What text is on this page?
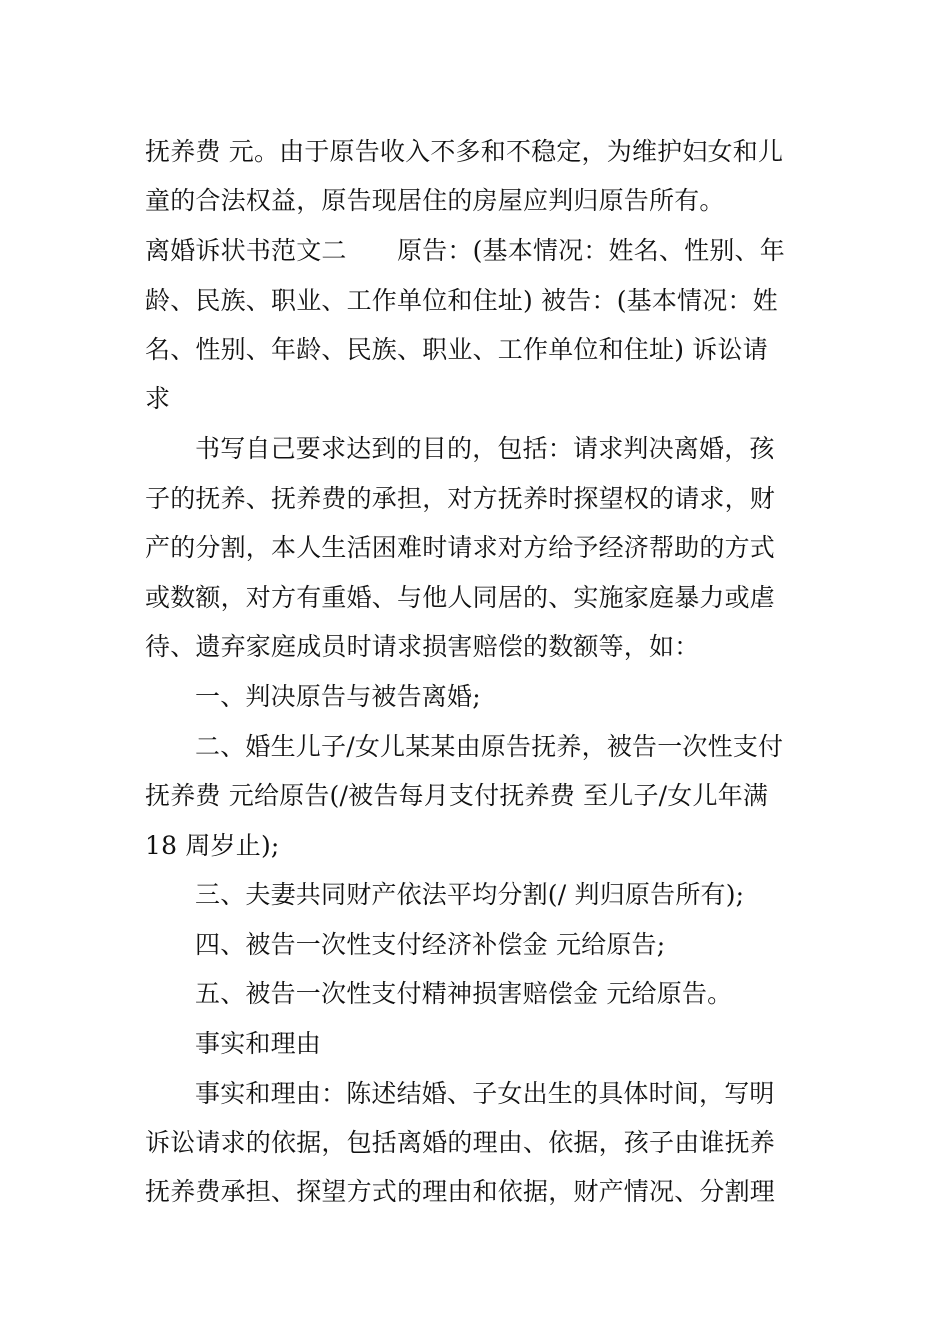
抚养费 元。由于原告收入不多和不稳定，为维护妇女和儿
童的合法权益，原告现居住的房屋应判归原告所有。
离婚诉状书范文二　　原告：(基本情况：姓名、性别、年
龄、民族、职业、工作单位和住址) 被告：(基本情况：姓
名、性别、年龄、民族、职业、工作单位和住址) 诉讼请
求
书写自己要求达到的目的，包括：请求判决离婚，孩
子的抚养、抚养费的承担，对方抚养时探望权的请求，财
产的分割，本人生活困难时请求对方给予经济帮助的方式
或数额，对方有重婚、与他人同居的、实施家庭暴力或虐
待、遗弃家庭成员时请求损害赔偿的数额等，如：
一、判决原告与被告离婚;
二、婚生儿子/女儿某某由原告抚养，被告一次性支付
抚养费 元给原告(/被告每月支付抚养费 至儿子/女儿年满
18 周岁止);
三、夫妻共同财产依法平均分割(/ 判归原告所有);
四、被告一次性支付经济补偿金 元给原告;
五、被告一次性支付精神损害赔偿金 元给原告。
事实和理由
事实和理由：陈述结婚、子女出生的具体时间，写明
诉讼请求的依据，包括离婚的理由、依据，孩子由谁抚养
抚养费承担、探望方式的理由和依据，财产情况、分割理
